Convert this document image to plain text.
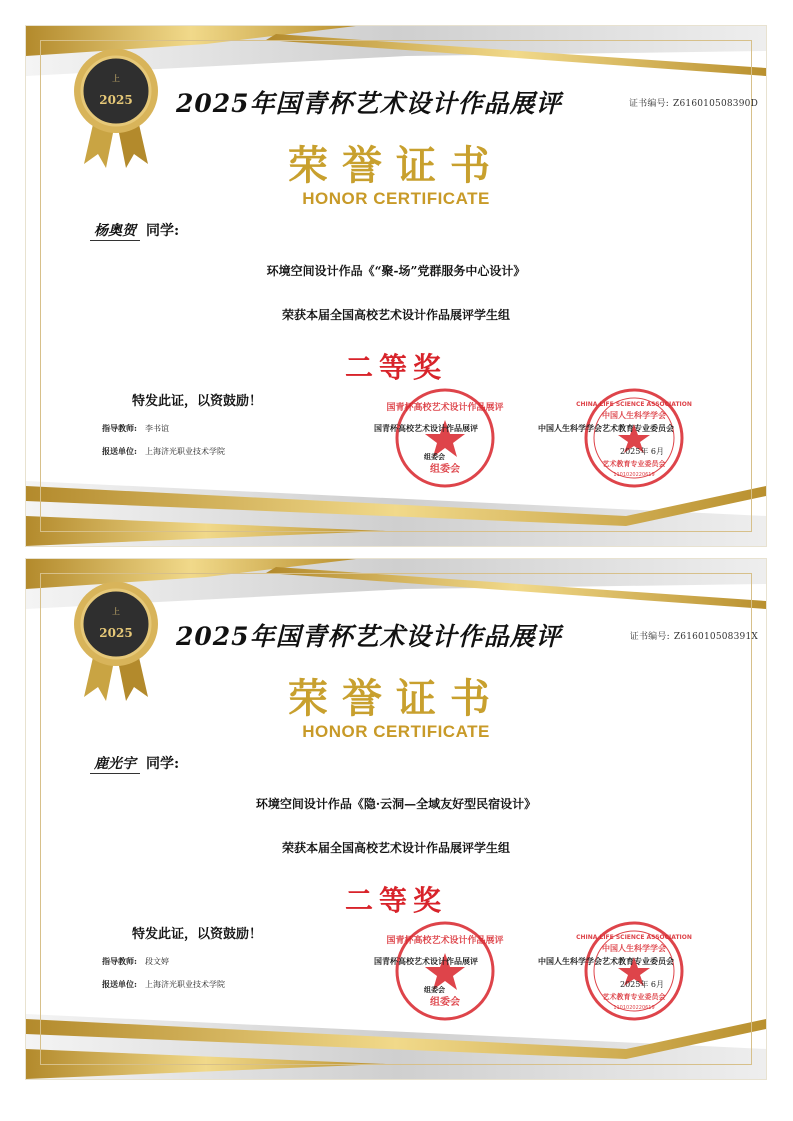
上
2025	证书编号: Z616010508390D
2025年国青杯艺术设计作品展评
荣誉证书
HONOR CERTIFICATE
杨奥贺 同学:
环境空间设计作品《“聚-场”党群服务中心设计》
荣获本届全国高校艺术设计作品展评学生组
二等奖
特发此证，以资鼓励！
指导教师: 李书谊
报送单位: 上海济光职业技术学院
国青杯高校艺术设计作品展评
组委会
CHINA LIFE SCIENCE ASSOCIATION
中国人生科学学会
艺术教育专业委员会
1101020220619
国青杯高校艺术设计作品展评
组委会
中国人生科学学会艺术教育专业委员会
2025年 6月
上
2025	证书编号: Z616010508391X
2025年国青杯艺术设计作品展评
荣誉证书
HONOR CERTIFICATE
鹿光宇 同学:
环境空间设计作品《隐·云洞—全域友好型民宿设计》
荣获本届全国高校艺术设计作品展评学生组
二等奖
特发此证，以资鼓励！
指导教师: 段文婷
报送单位: 上海济光职业技术学院
国青杯高校艺术设计作品展评
组委会
CHINA LIFE SCIENCE ASSOCIATION
中国人生科学学会
艺术教育专业委员会
1101020220619
国青杯高校艺术设计作品展评
组委会
中国人生科学学会艺术教育专业委员会
2025年 6月
